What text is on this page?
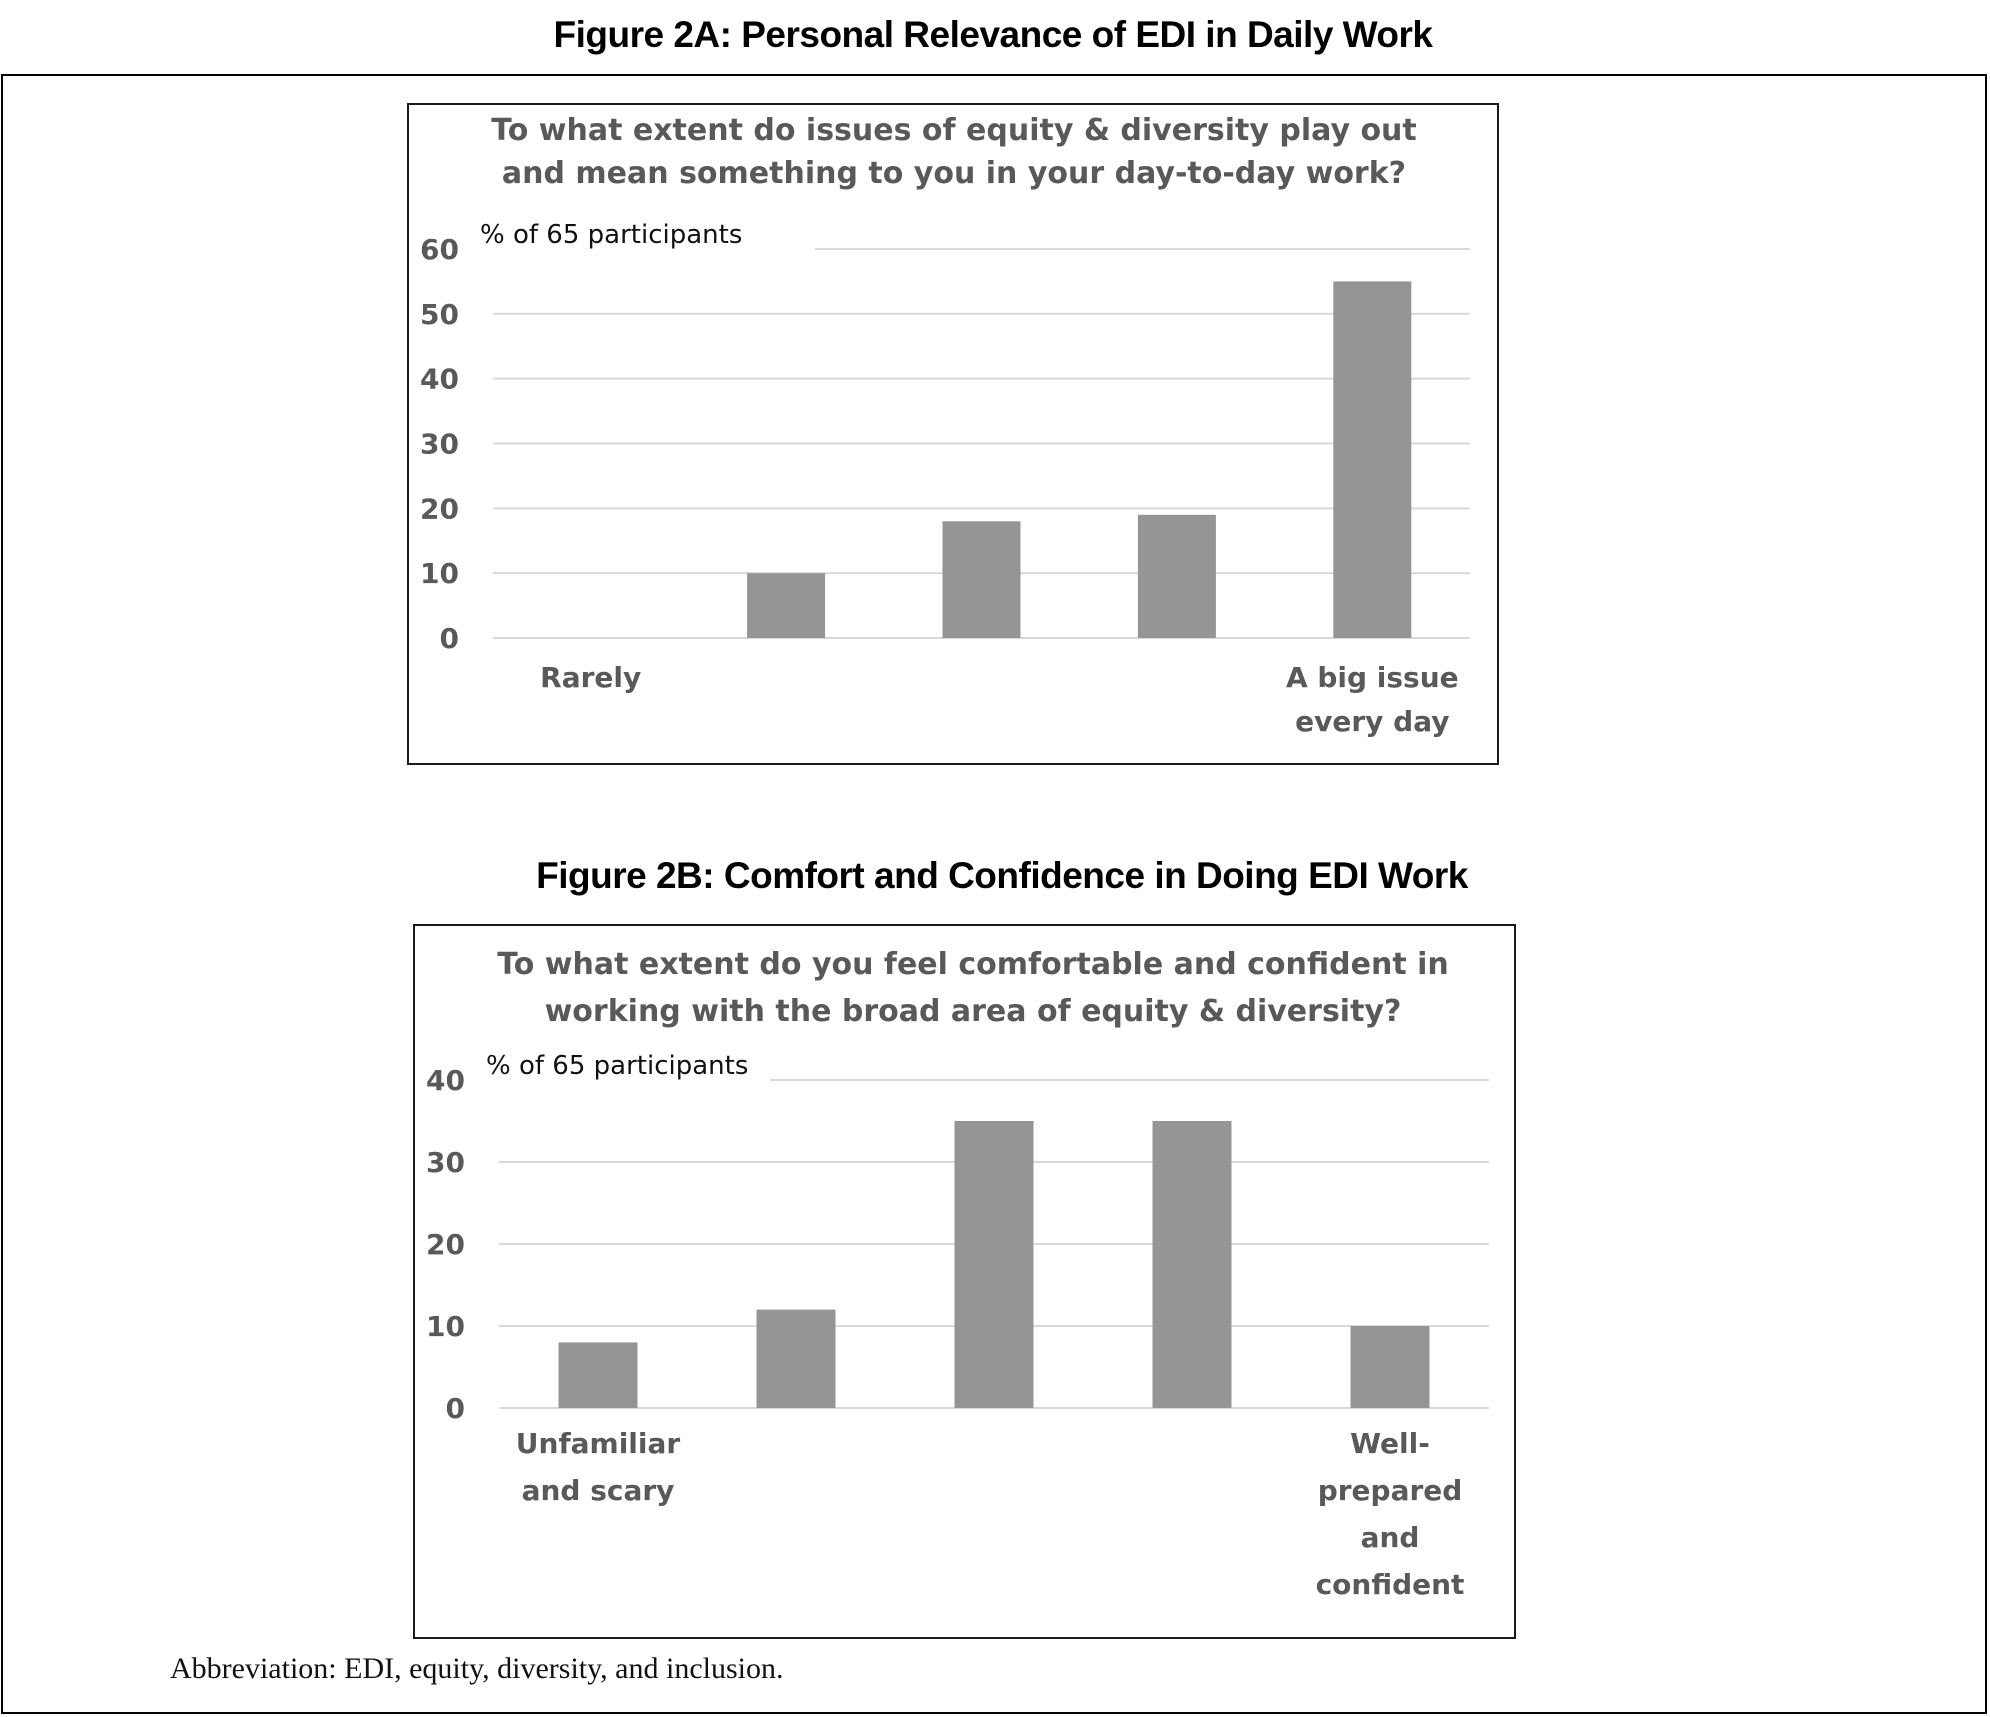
Figure 2A: Personal Relevance of EDI in Daily Work
To what extent do issues of equity & diversity play out
and mean something to you in your day-to-day work?
0
10
20
30
40
50
60 % of 65 participants
Rarely	A big issue
every day
Figure 2B: Comfort and Confidence in Doing EDI Work
To what extent do you feel comfortable and confident in
working with the broad area of equity & diversity?
0
10
20
30
40 % of 65 participants
Unfamiliar
and scary
Well-
prepared
and
confident
Abbreviation: EDI, equity, diversity, and inclusion.
